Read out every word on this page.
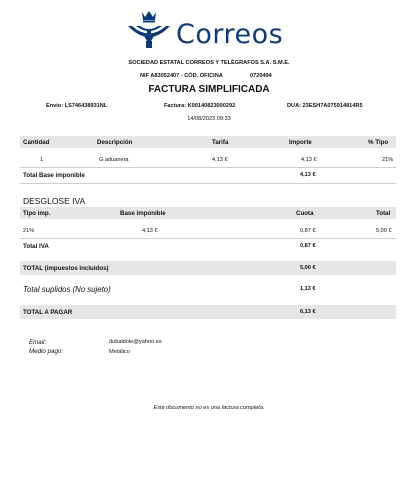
Correos
SOCIEDAD ESTATAL CORREOS Y TELÉGRAFOS S.A. S.M.E.
NIF A83052407 - CÓD. OFICINA	0720494
FACTURA SIMPLIFICADA
Envío: LS746438931NL	Factura: K00140823000292	DUA: 23ESH7A075914814R5
14/08/2023 09:33
Cantidad	Descripción	Tarifa	Importe	% Tipo
1	G aduanera	4,13 €	4,13 €	21%
Total Base imponible	4,13 €
DESGLOSE IVA
Tipo imp.	Base imponible	Cuota	Total
21%	4,13 €	0,87 €	5,00 €
Total IVA	0,87 €
TOTAL (impuestos incluidos)	5,00 €
Total suplidos (No sujeto)	1,13 €
TOTAL A PAGAR	6,13 €
Email:	dubaldole@yahoo.es
Medio pago:	Metálico
Este documento no es una factura completa.
